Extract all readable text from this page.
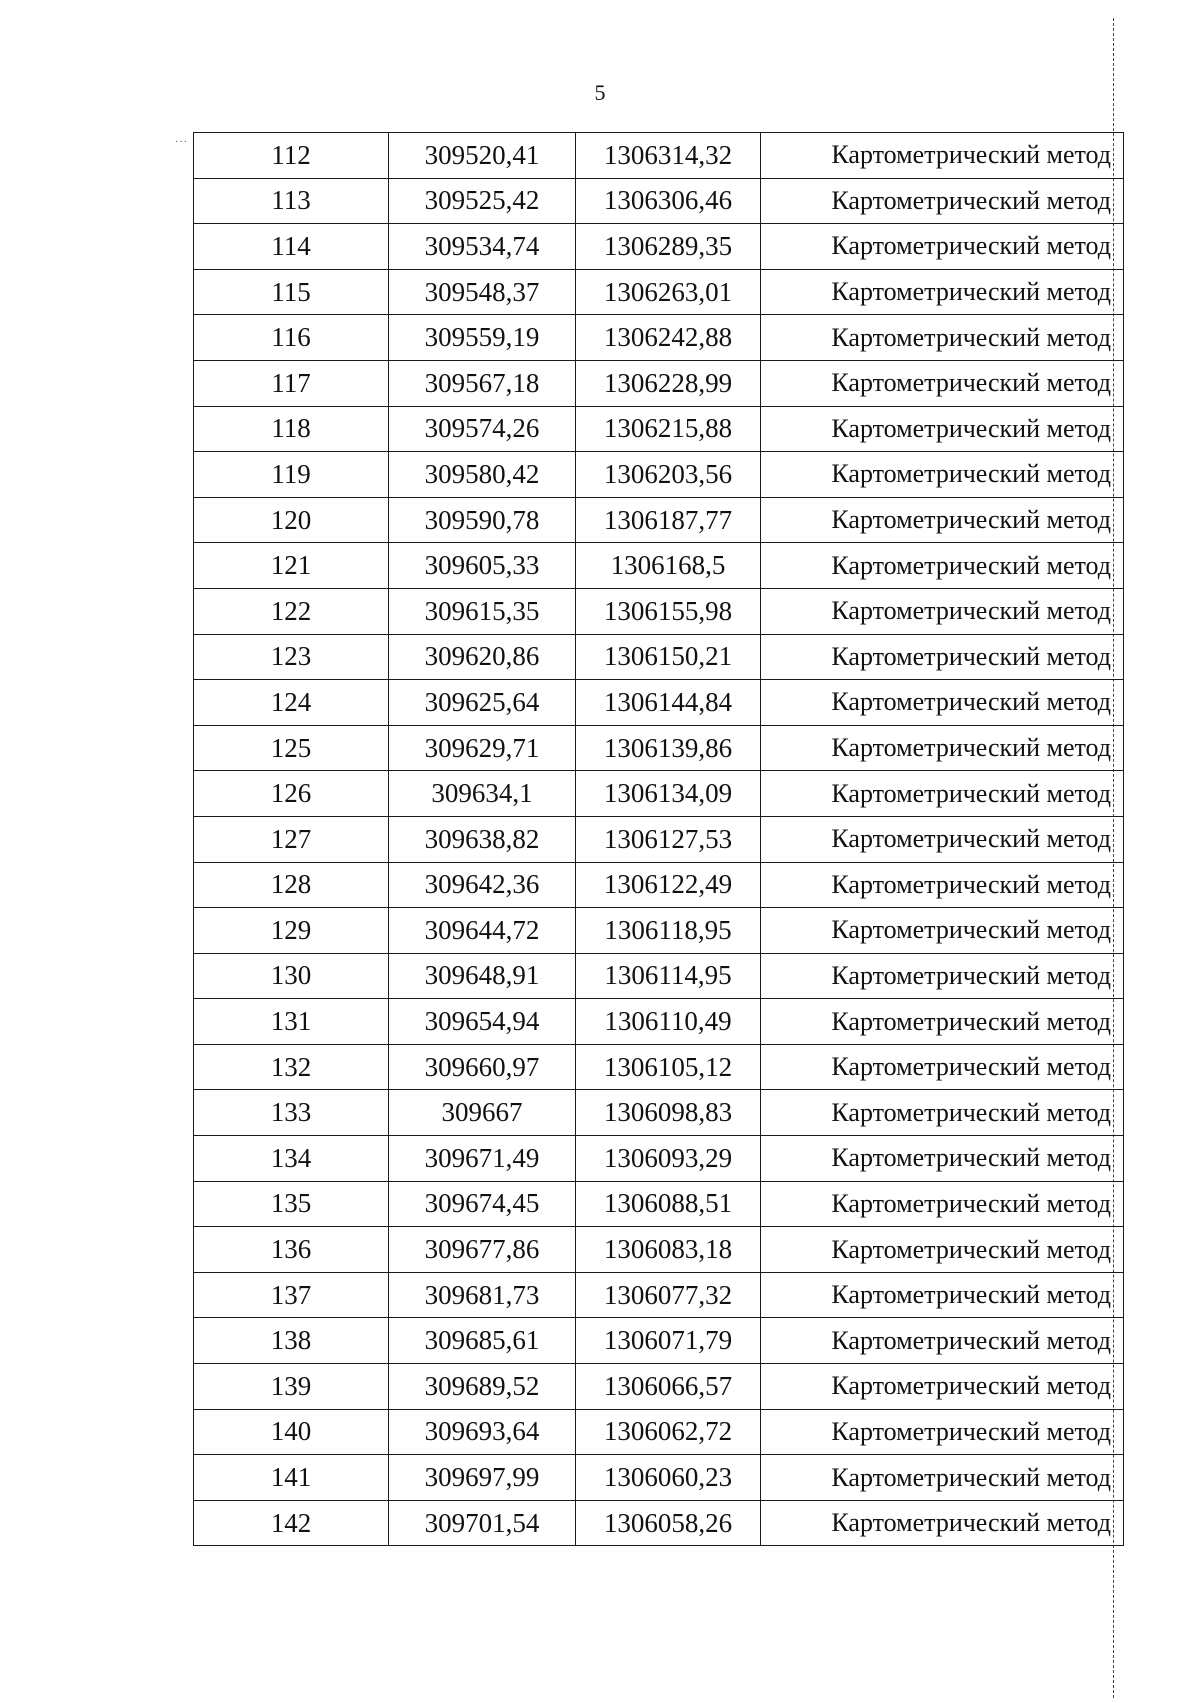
5
···	112	309520,41	1306314,32	Картометрический метод
113	309525,42	1306306,46	Картометрический метод
114	309534,74	1306289,35	Картометрический метод
115	309548,37	1306263,01	Картометрический метод
116	309559,19	1306242,88	Картометрический метод
117	309567,18	1306228,99	Картометрический метод
118	309574,26	1306215,88	Картометрический метод
119	309580,42	1306203,56	Картометрический метод
120	309590,78	1306187,77	Картометрический метод
121	309605,33	1306168,5	Картометрический метод
122	309615,35	1306155,98	Картометрический метод
123	309620,86	1306150,21	Картометрический метод
124	309625,64	1306144,84	Картометрический метод
125	309629,71	1306139,86	Картометрический метод
126	309634,1	1306134,09	Картометрический метод
127	309638,82	1306127,53	Картометрический метод
128	309642,36	1306122,49	Картометрический метод
129	309644,72	1306118,95	Картометрический метод
130	309648,91	1306114,95	Картометрический метод
131	309654,94	1306110,49	Картометрический метод
132	309660,97	1306105,12	Картометрический метод
133	309667	1306098,83	Картометрический метод
134	309671,49	1306093,29	Картометрический метод
135	309674,45	1306088,51	Картометрический метод
136	309677,86	1306083,18	Картометрический метод
137	309681,73	1306077,32	Картометрический метод
138	309685,61	1306071,79	Картометрический метод
139	309689,52	1306066,57	Картометрический метод
140	309693,64	1306062,72	Картометрический метод
141	309697,99	1306060,23	Картометрический метод
142	309701,54	1306058,26	Картометрический метод
